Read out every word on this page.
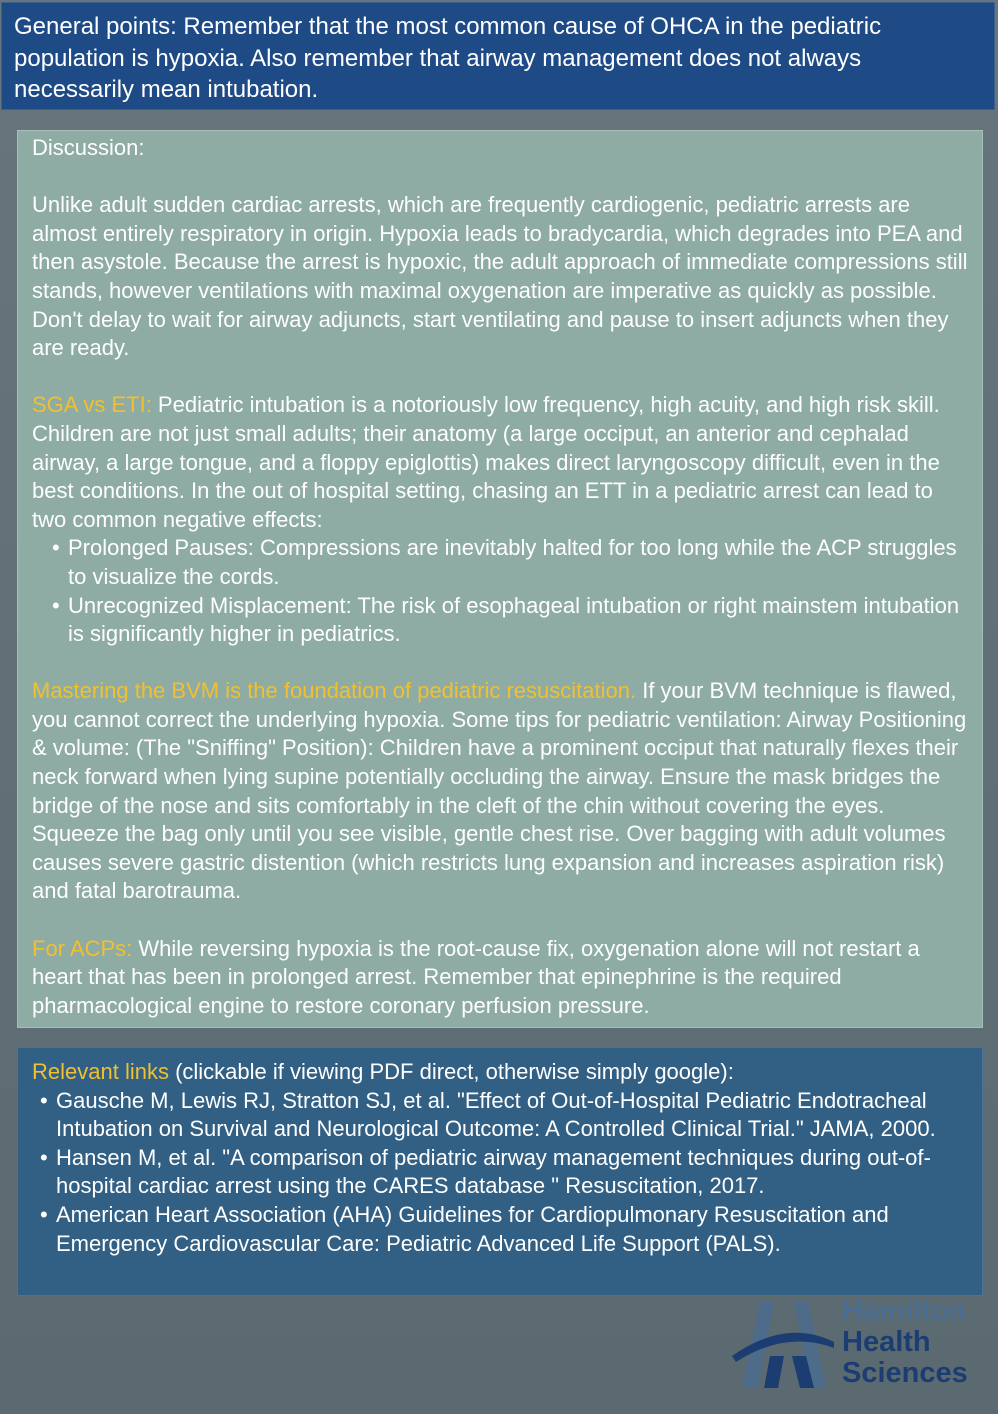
General points: Remember that the most common cause of OHCA in the pediatric population is hypoxia. Also remember that airway management does not always necessarily mean intubation.

Discussion:

Unlike adult sudden cardiac arrests, which are frequently cardiogenic, pediatric arrests are almost entirely respiratory in origin. Hypoxia leads to bradycardia, which degrades into PEA and then asystole. Because the arrest is hypoxic, the adult approach of immediate compressions still stands, however ventilations with maximal oxygenation are imperative as quickly as possible. Don't delay to wait for airway adjuncts, start ventilating and pause to insert adjuncts when they are ready.

SGA vs ETI: Pediatric intubation is a notoriously low frequency, high acuity, and high risk skill. Children are not just small adults; their anatomy (a large occiput, an anterior and cephalad airway, a large tongue, and a floppy epiglottis) makes direct laryngoscopy difficult, even in the best conditions. In the out of hospital setting, chasing an ETT in a pediatric arrest can lead to two common negative effects:

• Prolonged Pauses: Compressions are inevitably halted for too long while the ACP struggles to visualize the cords.
• Unrecognized Misplacement: The risk of esophageal intubation or right mainstem intubation is significantly higher in pediatrics.

Mastering the BVM is the foundation of pediatric resuscitation. If your BVM technique is flawed, you cannot correct the underlying hypoxia. Some tips for pediatric ventilation: Airway Positioning & volume: (The "Sniffing" Position): Children have a prominent occiput that naturally flexes their neck forward when lying supine potentially occluding the airway. Ensure the mask bridges the bridge of the nose and sits comfortably in the cleft of the chin without covering the eyes. Squeeze the bag only until you see visible, gentle chest rise. Over bagging with adult volumes causes severe gastric distention (which restricts lung expansion and increases aspiration risk) and fatal barotrauma.

For ACPs: While reversing hypoxia is the root-cause fix, oxygenation alone will not restart a heart that has been in prolonged arrest. Remember that epinephrine is the required pharmacological engine to restore coronary perfusion pressure.

Relevant links (clickable if viewing PDF direct, otherwise simply google):

• Gausche M, Lewis RJ, Stratton SJ, et al. "Effect of Out-of-Hospital Pediatric Endotracheal Intubation on Survival and Neurological Outcome: A Controlled Clinical Trial." JAMA, 2000.
• Hansen M, et al. "A comparison of pediatric airway management techniques during out-of-hospital cardiac arrest using the CARES database " Resuscitation, 2017.
• American Heart Association (AHA) Guidelines for Cardiopulmonary Resuscitation and Emergency Cardiovascular Care: Pediatric Advanced Life Support (PALS).
Hamilton
Health
Sciences
